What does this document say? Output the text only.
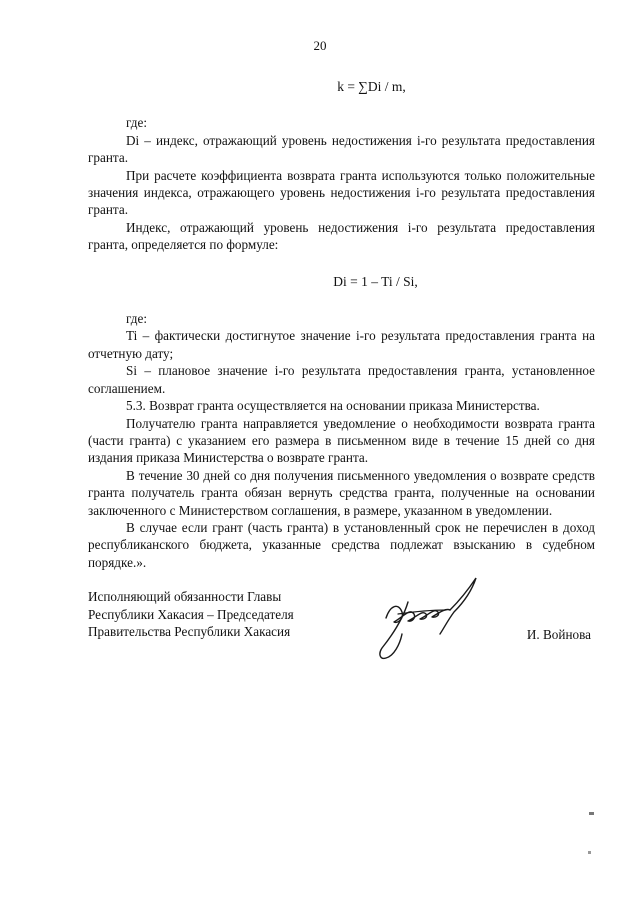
20

k = ∑Di / m,

где:

Di – индекс, отражающий уровень недостижения i-го результата предоставления гранта.

При расчете коэффициента возврата гранта используются только положительные значения индекса, отражающего уровень недостижения i-го результата предоставления гранта.

Индекс, отражающий уровень недостижения i-го результата предоставления гранта, определяется по формуле:

Di = 1 – Ti / Si,

где:

Ti – фактически достигнутое значение i-го результата предоставления гранта на отчетную дату;

Si – плановое значение i-го результата предоставления гранта, установленное соглашением.

5.3. Возврат гранта осуществляется на основании приказа Министерства.

Получателю гранта направляется уведомление о необходимости возврата гранта (части гранта) с указанием его размера в письменном виде в течение 15 дней со дня издания приказа Министерства о возврате гранта.

В течение 30 дней со дня получения письменного уведомления о возврате средств гранта получатель гранта обязан вернуть средства гранта, полученные на основании заключенного с Министерством соглашения, в размере, указанном в уведомлении.

В случае если грант (часть гранта) в установленный срок не перечислен в доход республиканского бюджета, указанные средства подлежат взысканию в судебном порядке.».

Исполняющий обязанности Главы
Республики Хакасия – Председателя
Правительства Республики Хакасия	И. Войнова
